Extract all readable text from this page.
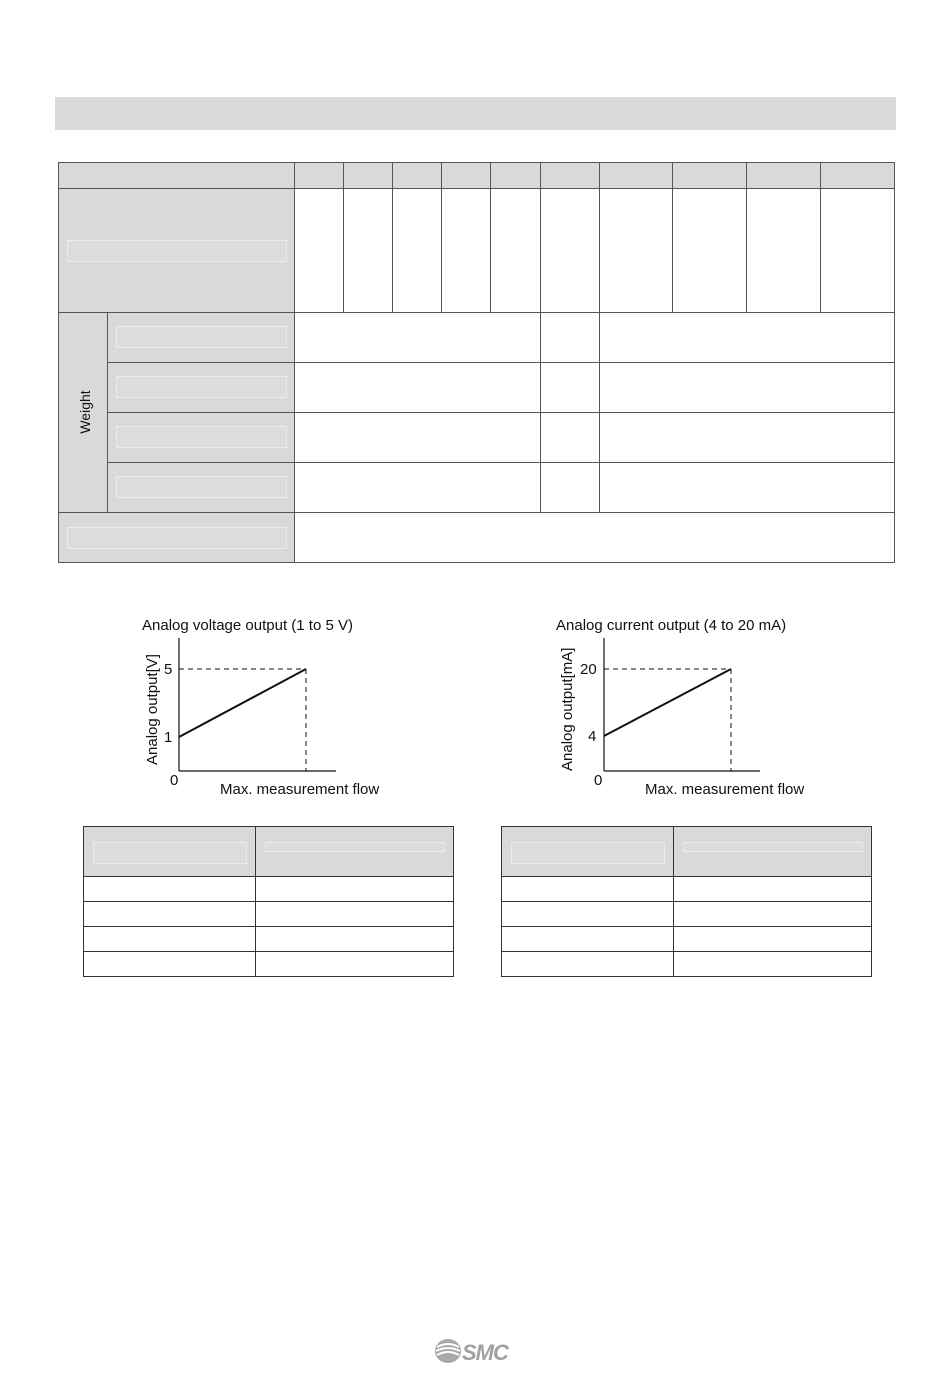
Weight
Analog voltage output (1 to 5 V)
Analog output[V] 5
1
0
Max. measurement flow
Analog current output (4 to 20 mA)
Analog output[mA] 20
4
0
Max. measurement flow

SMC
